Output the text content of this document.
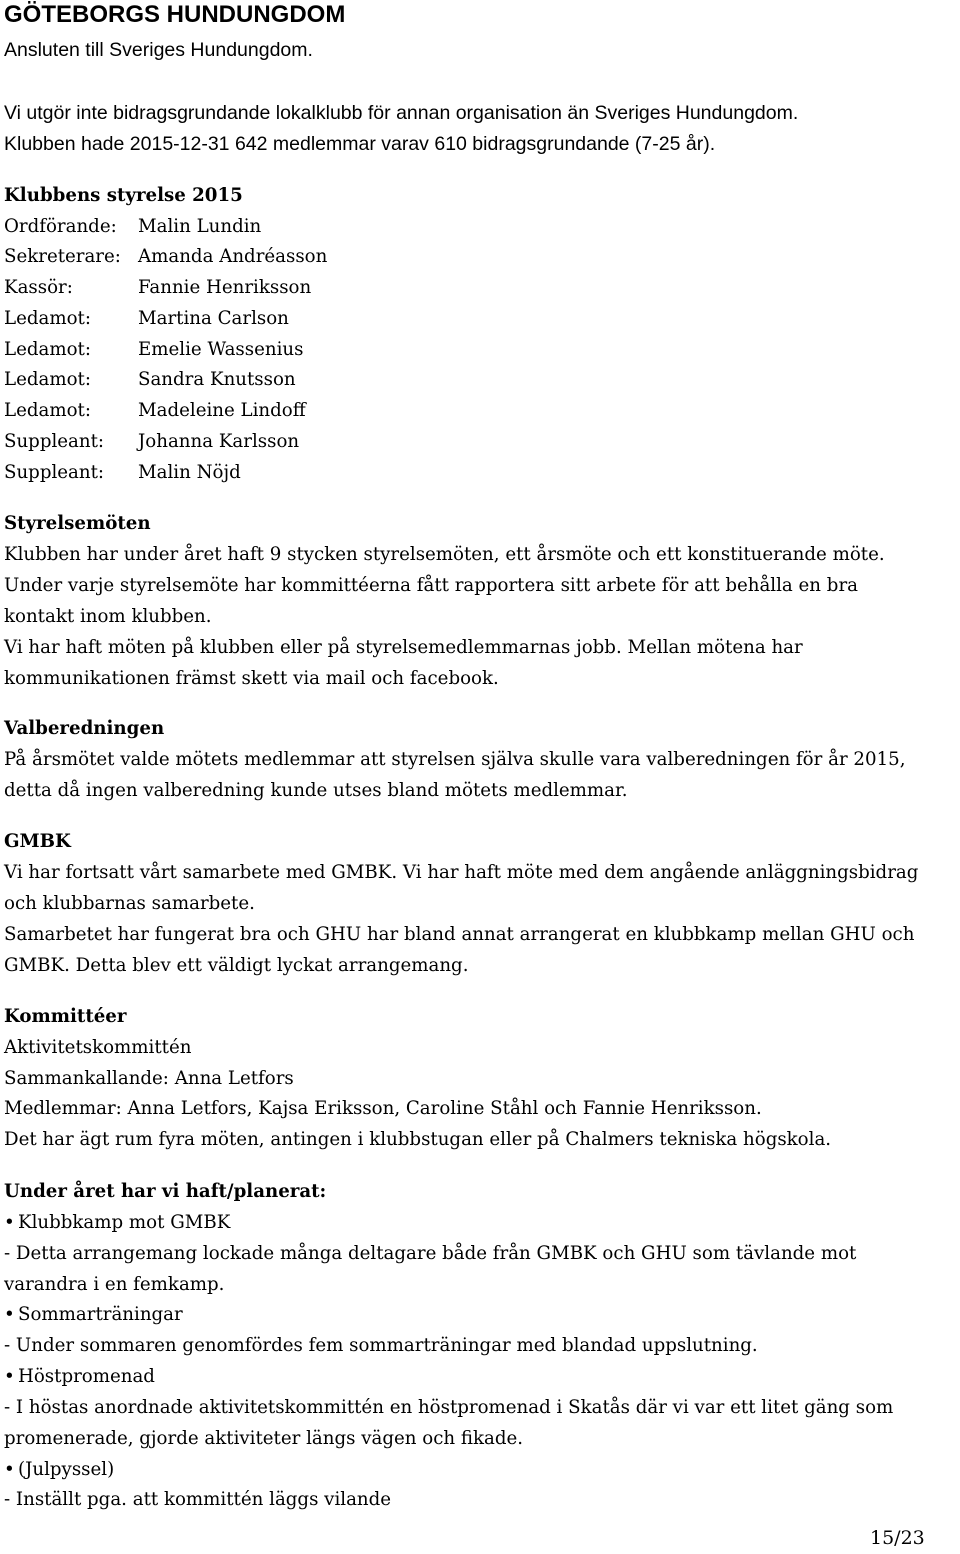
GÖTEBORGS HUNDUNGDOM
Ansluten till Sveriges Hundungdom.
Vi utgör inte bidragsgrundande lokalklubb för annan organisation än Sveriges Hundungdom.
Klubben hade 2015-12-31 642 medlemmar varav 610 bidragsgrundande (7-25 år).
Klubbens styrelse 2015
Ordförande: Malin Lundin
Sekreterare: Amanda Andréasson
Kassör:	Fannie Henriksson
Ledamot:	Martina Carlson
Ledamot:	Emelie Wassenius
Ledamot:	Sandra Knutsson
Ledamot:	Madeleine Lindoff
Suppleant: Johanna Karlsson
Suppleant: Malin Nöjd
Styrelsemöten
Klubben har under året haft 9 stycken styrelsemöten, ett årsmöte och ett konstituerande möte.
Under varje styrelsemöte har kommittéerna fått rapportera sitt arbete för att behålla en bra
kontakt inom klubben.
Vi har haft möten på klubben eller på styrelsemedlemmarnas jobb. Mellan mötena har
kommunikationen främst skett via mail och facebook.
Valberedningen
På årsmötet valde mötets medlemmar att styrelsen själva skulle vara valberedningen för år 2015,
detta då ingen valberedning kunde utses bland mötets medlemmar.
GMBK
Vi har fortsatt vårt samarbete med GMBK. Vi har haft möte med dem angående anläggningsbidrag
och klubbarnas samarbete.
Samarbetet har fungerat bra och GHU har bland annat arrangerat en klubbkamp mellan GHU och
GMBK. Detta blev ett väldigt lyckat arrangemang.
Kommittéer
Aktivitetskommittén
Sammankallande: Anna Letfors
Medlemmar: Anna Letfors, Kajsa Eriksson, Caroline Ståhl och Fannie Henriksson.
Det har ägt rum fyra möten, antingen i klubbstugan eller på Chalmers tekniska högskola.
Under året har vi haft/planerat:
• Klubbkamp mot GMBK
- Detta arrangemang lockade många deltagare både från GMBK och GHU som tävlande mot
varandra i en femkamp.
• Sommarträningar
- Under sommaren genomfördes fem sommarträningar med blandad uppslutning.
• Höstpromenad
- I höstas anordnade aktivitetskommittén en höstpromenad i Skatås där vi var ett litet gäng som
promenerade, gjorde aktiviteter längs vägen och fikade.
• (Julpyssel)
- Inställt pga. att kommittén läggs vilande
15/23
